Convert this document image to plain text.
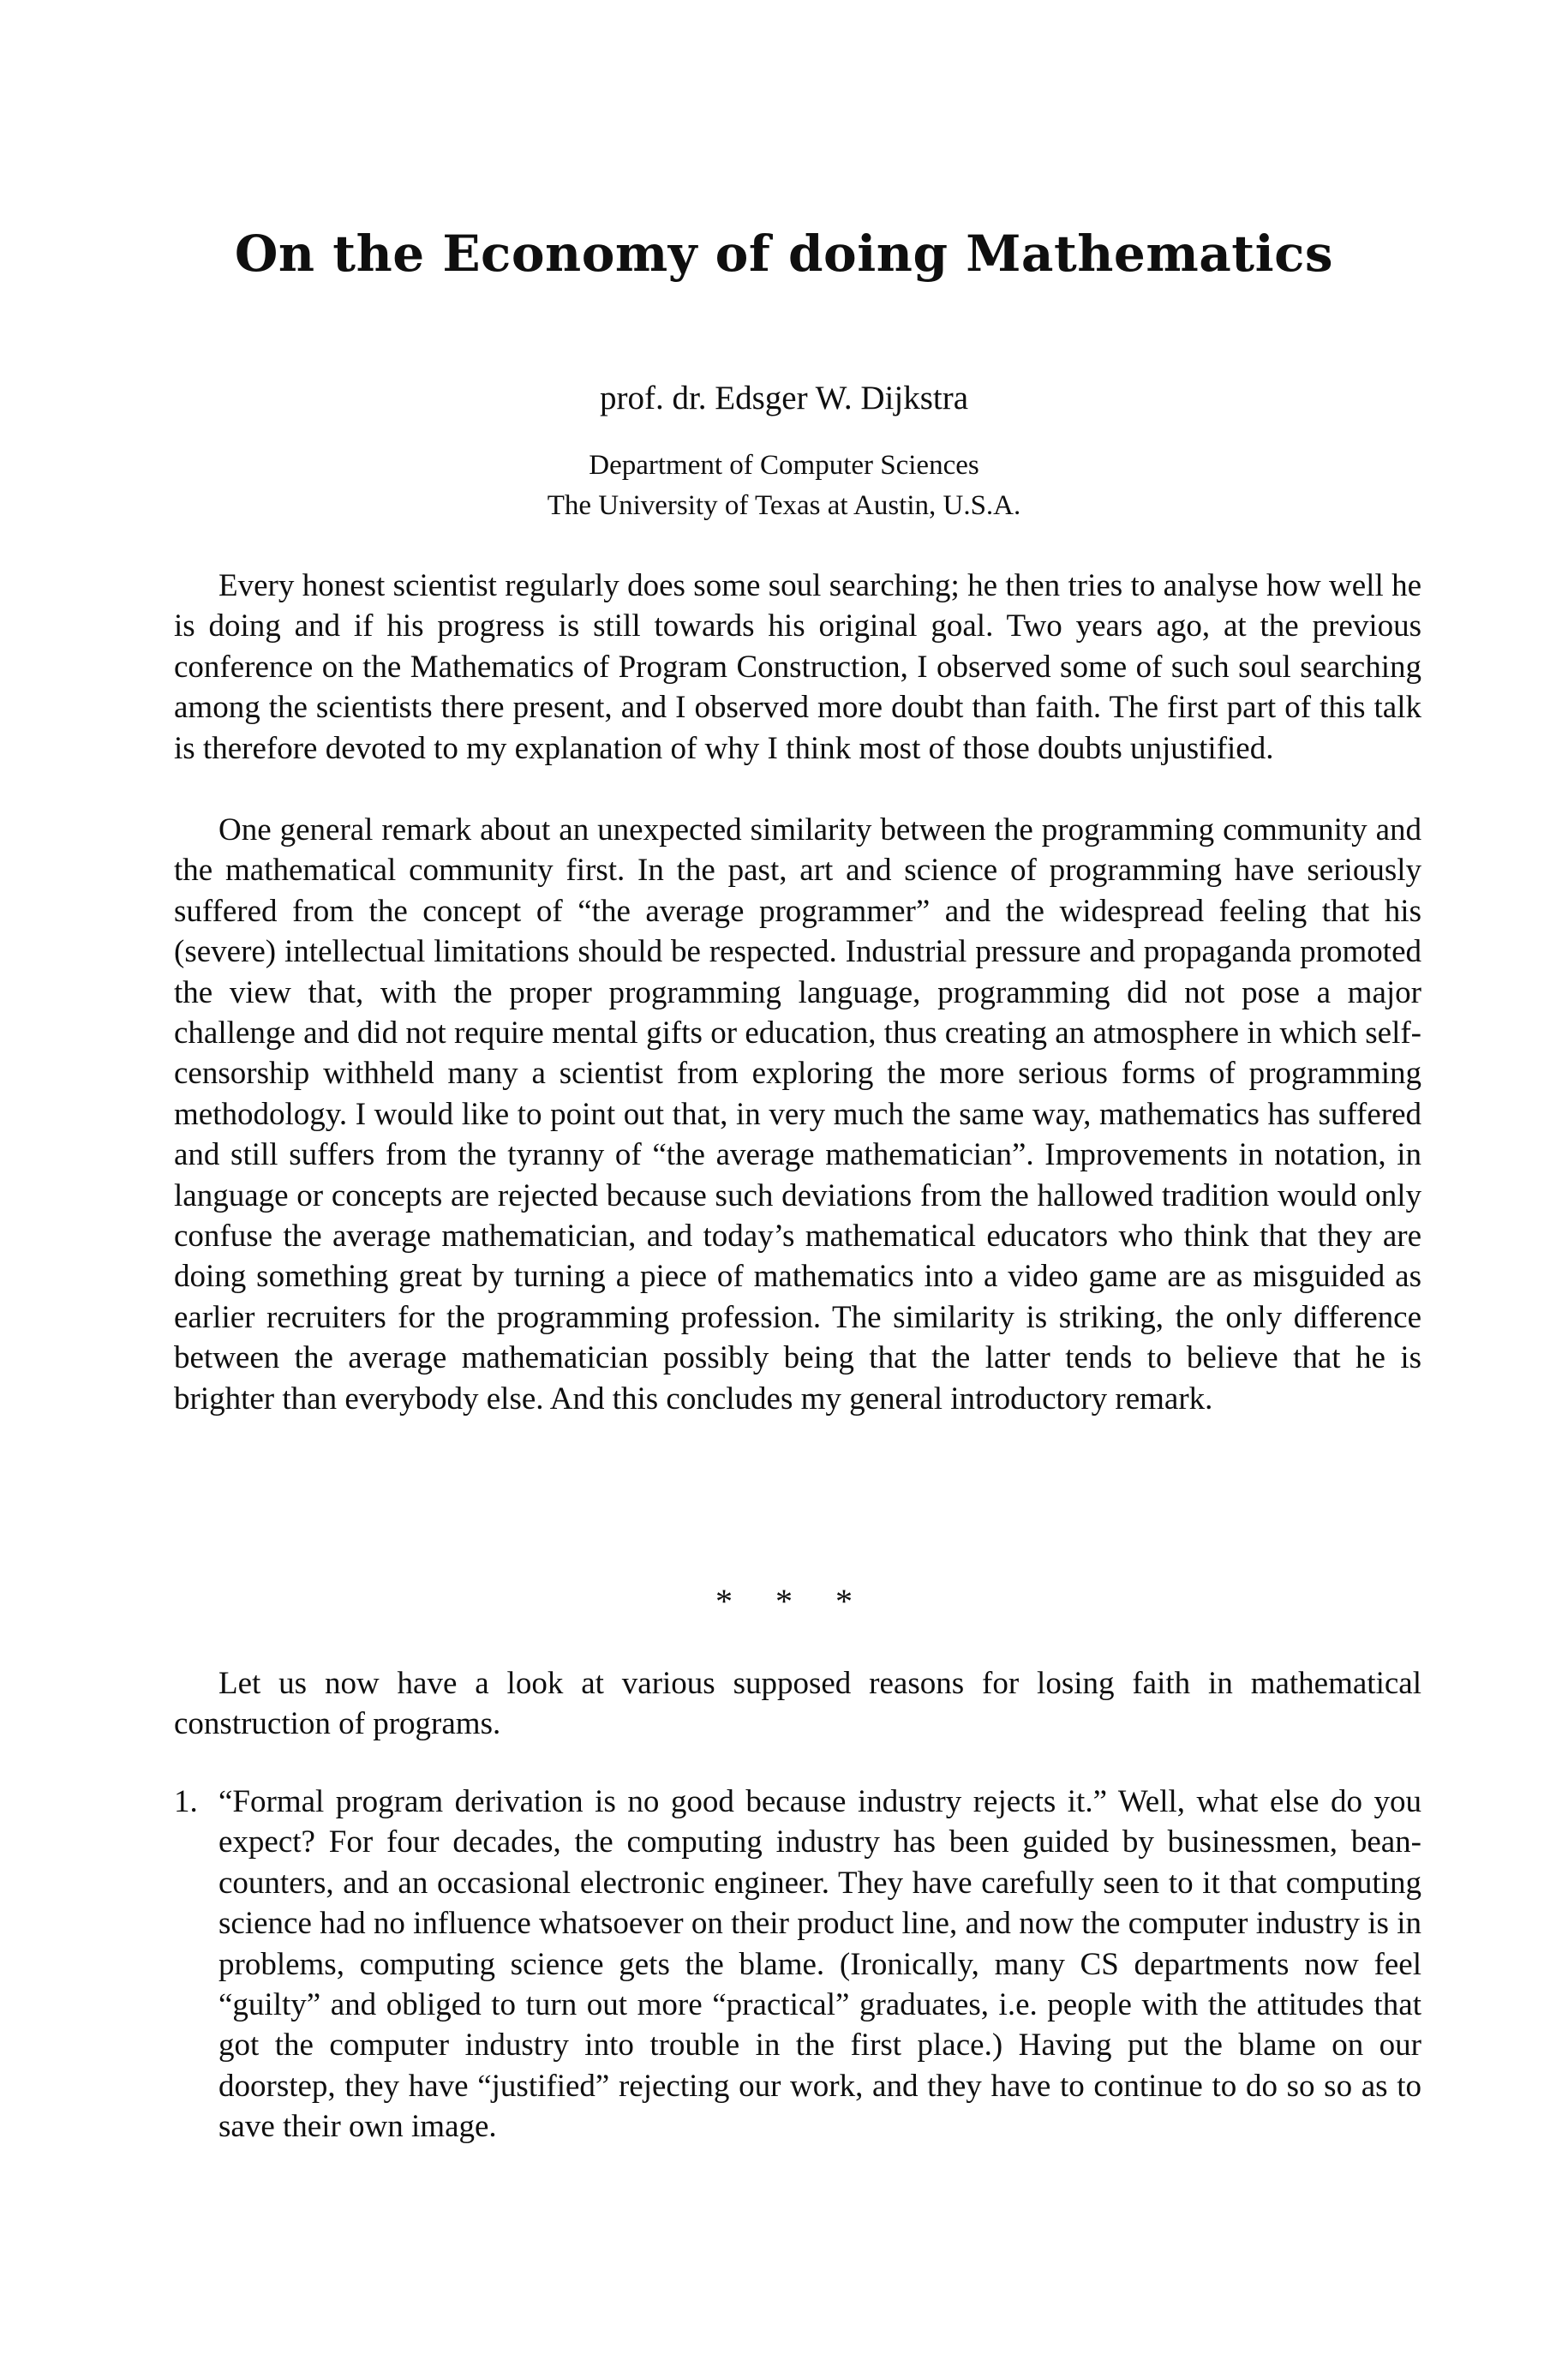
On the Economy of doing Mathematics
prof. dr. Edsger W. Dijkstra
Department of Computer Sciences
The University of Texas at Austin, U.S.A.

Every honest scientist regularly does some soul searching; he then tries to analyse how well he is doing and if his progress is still towards his original goal. Two years ago, at the previous conference on the Mathematics of Program Construction, I observed some of such soul searching among the scientists there present, and I observed more doubt than faith. The first part of this talk is therefore devoted to my explanation of why I think most of those doubts unjustified.

One general remark about an unexpected similarity between the programming community and the mathematical community first. In the past, art and science of programming have seriously suffered from the concept of “the average programmer” and the widespread feeling that his (severe) intellectual limitations should be respected. Industrial pressure and propaganda promoted the view that, with the proper programming language, programming did not pose a major challenge and did not require mental gifts or education, thus creating an atmosphere in which self-censorship withheld many a scientist from exploring the more serious forms of programming methodology. I would like to point out that, in very much the same way, mathematics has suffered and still suffers from the tyranny of “the average mathematician”. Improvements in notation, in language or concepts are rejected because such deviations from the hallowed tradition would only confuse the average mathematician, and today’s mathematical educators who think that they are doing something great by turning a piece of mathematics into a video game are as misguided as earlier recruiters for the programming profession. The similarity is striking, the only difference between the average mathematician possibly being that the latter tends to believe that he is brighter than everybody else. And this concludes my general introductory remark.

* * *

Let us now have a look at various supposed reasons for losing faith in mathematical construction of programs.

1. “Formal program derivation is no good because industry rejects it.” Well, what else do you expect? For four decades, the computing industry has been guided by businessmen, bean-counters, and an occasional electronic engineer. They have carefully seen to it that computing science had no influence whatsoever on their product line, and now the computer industry is in problems, computing science gets the blame. (Ironically, many CS departments now feel “guilty” and obliged to turn out more “practical” graduates, i.e. people with the attitudes that got the computer industry into trouble in the first place.) Having put the blame on our doorstep, they have “justified” rejecting our work, and they have to continue to do so so as to save their own image.
